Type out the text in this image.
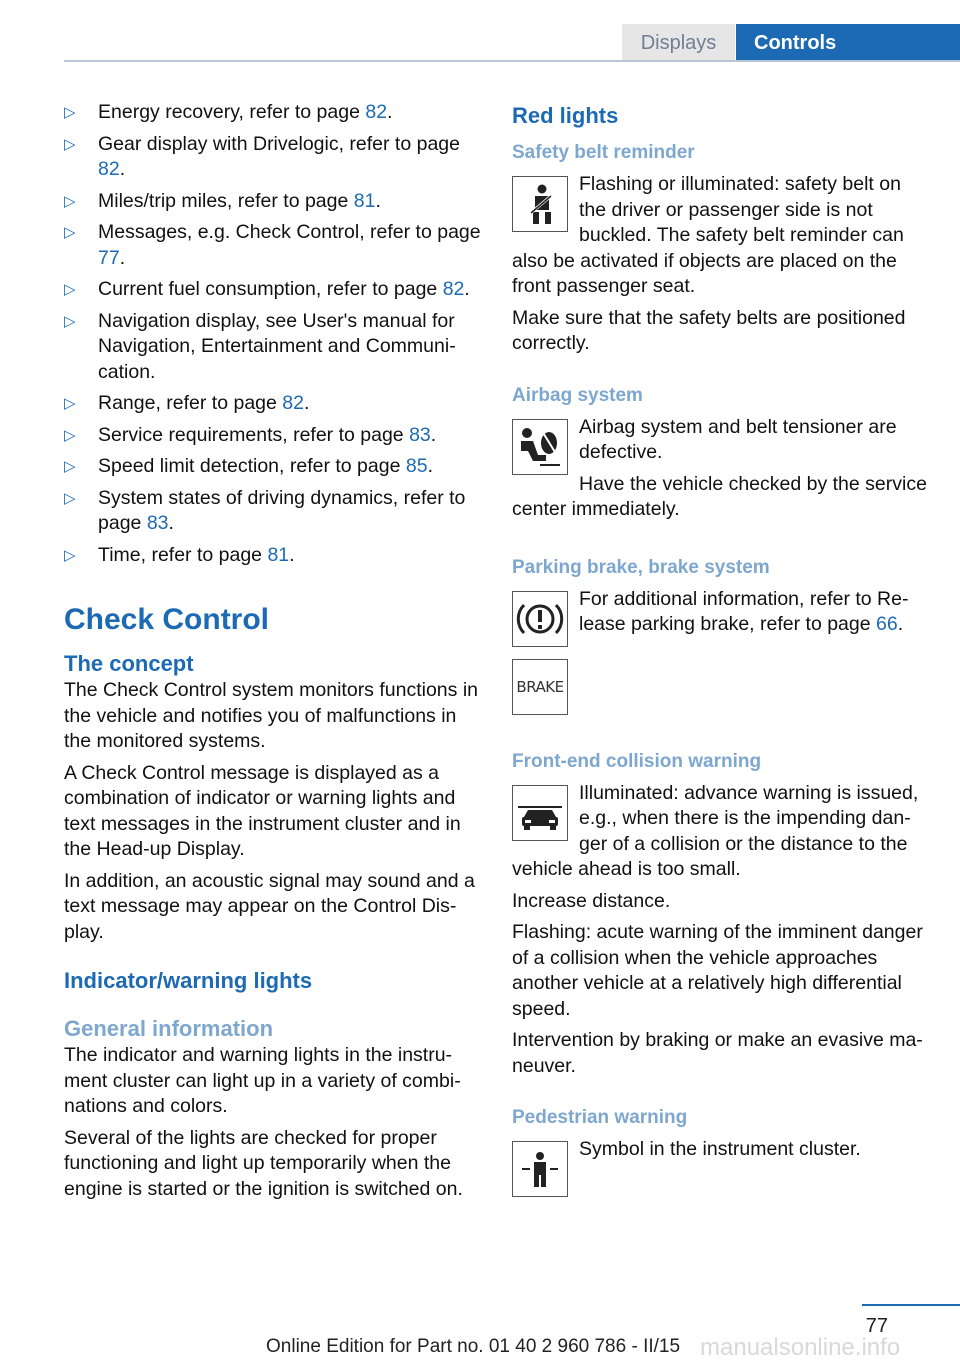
Displays	Controls
▷ Energy recovery, refer to page 82.
▷ Gear display with Drivelogic, refer to page 82.
▷ Miles/trip miles, refer to page 81.
▷ Messages, e.g. Check Control, refer to page 77.
▷ Current fuel consumption, refer to page 82.
▷ Navigation display, see User's manual for Navigation, Entertainment and Communication.
▷ Range, refer to page 82.
▷ Service requirements, refer to page 83.
▷ Speed limit detection, refer to page 85.
▷ System states of driving dynamics, refer to page 83.
▷ Time, refer to page 81.
Check Control
The concept

The Check Control system monitors functions in the vehicle and notifies you of malfunctions in the monitored systems.

A Check Control message is displayed as a combination of indicator or warning lights and text messages in the instrument cluster and in the Head-up Display.

In addition, an acoustic signal may sound and a text message may appear on the Control Display.

Indicator/warning lights
General information

The indicator and warning lights in the instrument cluster can light up in a variety of combinations and colors.

Several of the lights are checked for proper functioning and light up temporarily when the engine is started or the ignition is switched on.

Red lights
Safety belt reminder

Flashing or illuminated: safety belt on the driver or passenger side is not buckled. The safety belt reminder can also be activated if objects are placed on the front passenger seat.

Make sure that the safety belts are positioned correctly.

Airbag system

Airbag system and belt tensioner are defective.

Have the vehicle checked by the service center immediately.

Parking brake, brake system

For additional information, refer to Release parking brake, refer to page 66.

BRAKE
Front-end collision warning

Illuminated: advance warning is issued, e.g., when there is the impending danger of a collision or the distance to the vehicle ahead is too small.

Increase distance.

Flashing: acute warning of the imminent danger of a collision when the vehicle approaches another vehicle at a relatively high differential speed.

Intervention by braking or make an evasive maneuver.

Pedestrian warning

Symbol in the instrument cluster.

77
Online Edition for Part no. 01 40 2 960 786 - II/15 manualsonline.info
